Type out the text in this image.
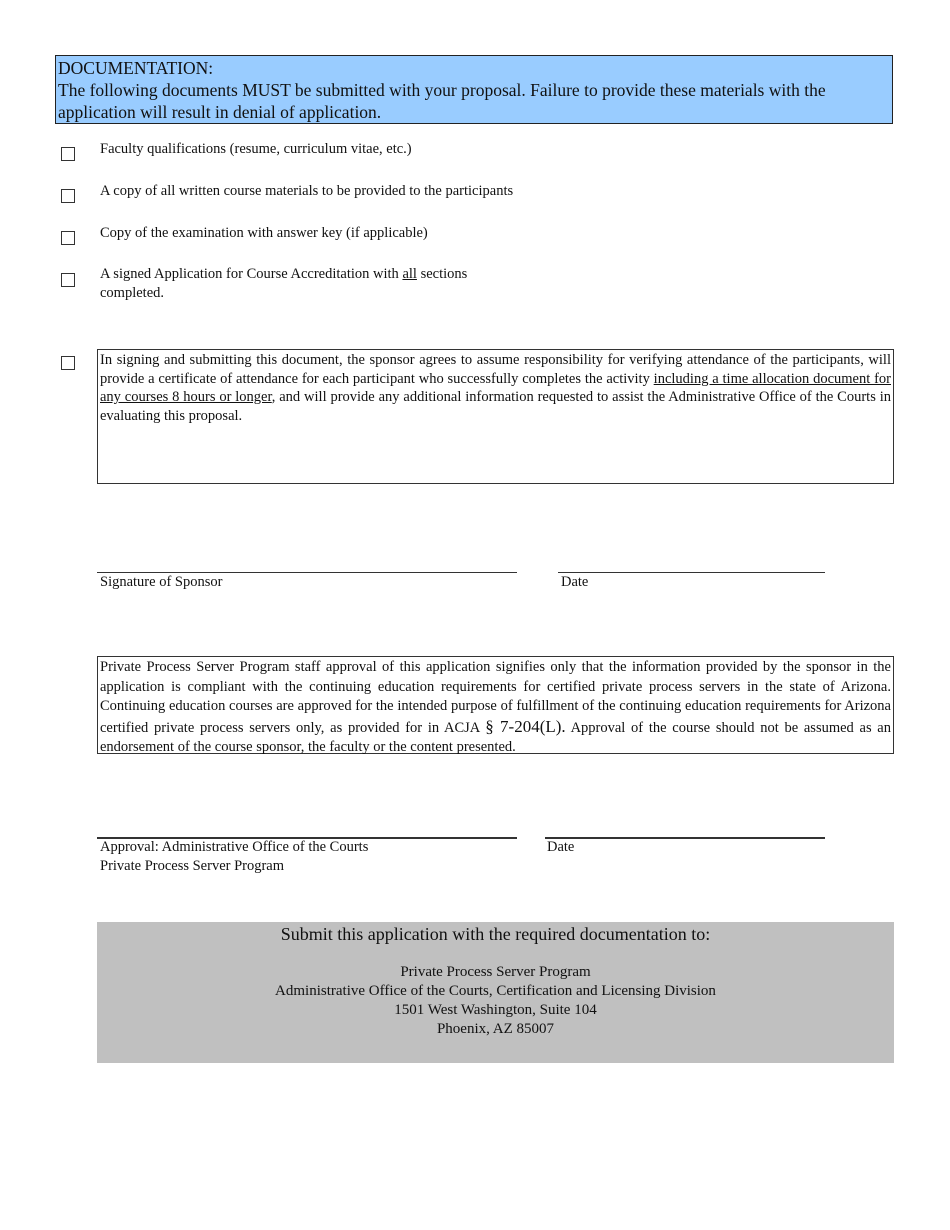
DOCUMENTATION:
The following documents MUST be submitted with your proposal. Failure to provide these materials with the application will result in denial of application.
Faculty qualifications (resume, curriculum vitae, etc.)
A copy of all written course materials to be provided to the participants
Copy of the examination with answer key (if applicable)
A signed Application for Course Accreditation with all sections
completed.
In signing and submitting this document, the sponsor agrees to assume responsibility for verifying attendance of the participants, will provide a certificate of attendance for each participant who successfully completes the activity including a time allocation document for any courses 8 hours or longer, and will provide any additional information requested to assist the Administrative Office of the Courts in evaluating this proposal.
Signature of Sponsor	Date
Private Process Server Program staff approval of this application signifies only that the information provided by the sponsor in the application is compliant with the continuing education requirements for certified private process servers in the state of Arizona. Continuing education courses are approved for the intended purpose of fulfillment of the continuing education requirements for Arizona certified private process servers only, as provided for in ACJA § 7-204(L). Approval of the course should not be assumed as an endorsement of the course sponsor, the faculty or the content presented.
Approval: Administrative Office of the Courts
Private Process Server Program
Date
Submit this application with the required documentation to:
Private Process Server Program
Administrative Office of the Courts, Certification and Licensing Division
1501 West Washington, Suite 104
Phoenix, AZ 85007
